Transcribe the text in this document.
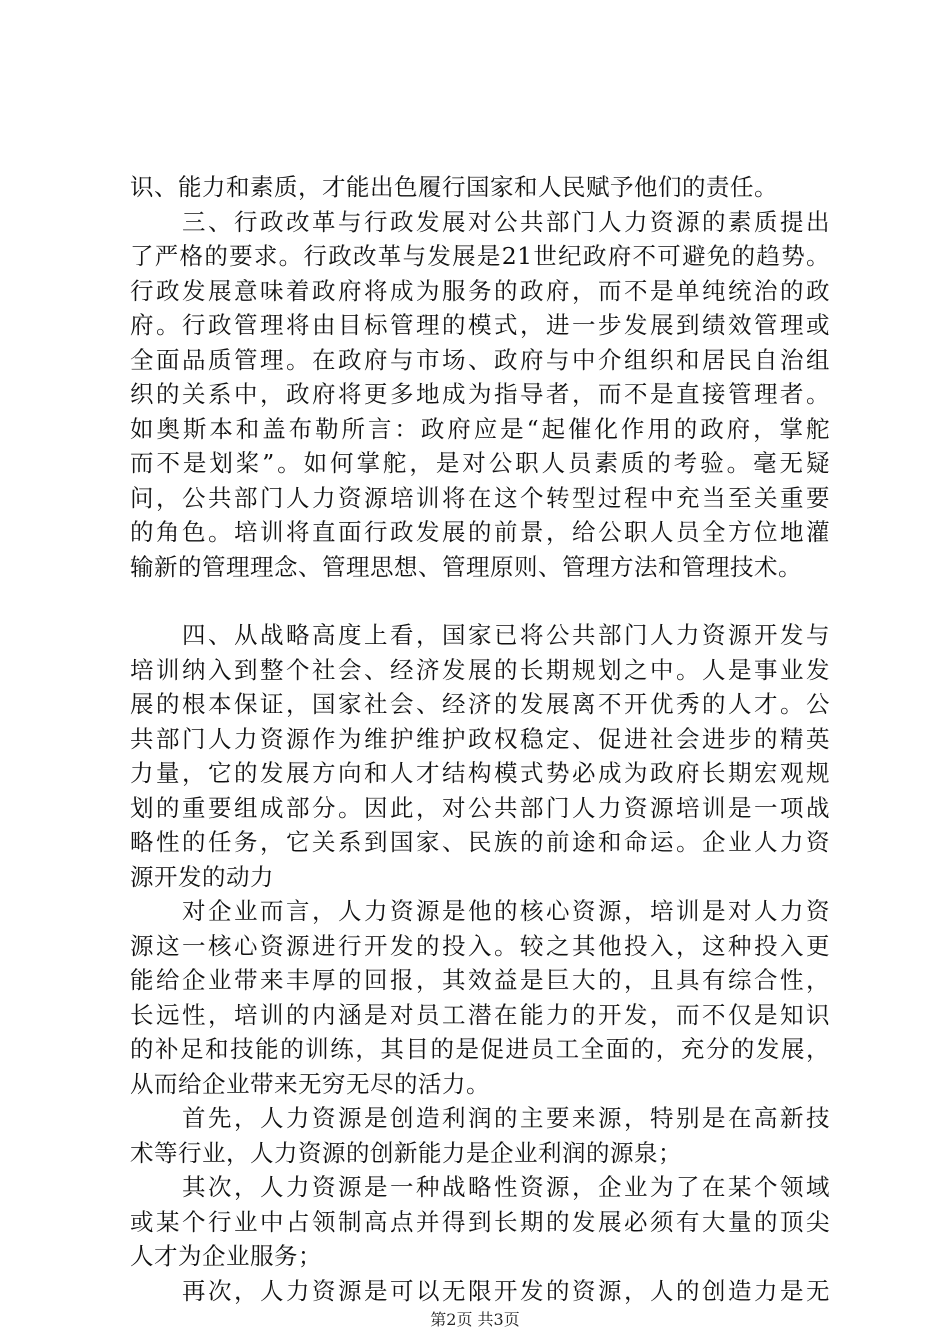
识、能力和素质，才能出色履行国家和人民赋予他们的责任。
　　三、行政改革与行政发展对公共部门人力资源的素质提出
了严格的要求。行政改革与发展是21世纪政府不可避免的趋势。
行政发展意味着政府将成为服务的政府，而不是单纯统治的政
府。行政管理将由目标管理的模式，进一步发展到绩效管理或
全面品质管理。在政府与市场、政府与中介组织和居民自治组
织的关系中，政府将更多地成为指导者，而不是直接管理者。
如奥斯本和盖布勒所言：政府应是“起催化作用的政府，掌舵
而不是划桨”。如何掌舵，是对公职人员素质的考验。毫无疑
问，公共部门人力资源培训将在这个转型过程中充当至关重要
的角色。培训将直面行政发展的前景，给公职人员全方位地灌
输新的管理理念、管理思想、管理原则、管理方法和管理技术。
　　四、从战略高度上看，国家已将公共部门人力资源开发与
培训纳入到整个社会、经济发展的长期规划之中。人是事业发
展的根本保证，国家社会、经济的发展离不开优秀的人才。公
共部门人力资源作为维护维护政权稳定、促进社会进步的精英
力量，它的发展方向和人才结构模式势必成为政府长期宏观规
划的重要组成部分。因此，对公共部门人力资源培训是一项战
略性的任务，它关系到国家、民族的前途和命运。企业人力资
源开发的动力
　　对企业而言，人力资源是他的核心资源，培训是对人力资
源这一核心资源进行开发的投入。较之其他投入，这种投入更
能给企业带来丰厚的回报，其效益是巨大的，且具有综合性，
长远性，培训的内涵是对员工潜在能力的开发，而不仅是知识
的补足和技能的训练，其目的是促进员工全面的，充分的发展，
从而给企业带来无穷无尽的活力。
　　首先，人力资源是创造利润的主要来源，特别是在高新技
术等行业，人力资源的创新能力是企业利润的源泉；
　　其次，人力资源是一种战略性资源，企业为了在某个领域
或某个行业中占领制高点并得到长期的发展必须有大量的顶尖
人才为企业服务；
　　再次，人力资源是可以无限开发的资源，人的创造力是无
第2页 共3页
